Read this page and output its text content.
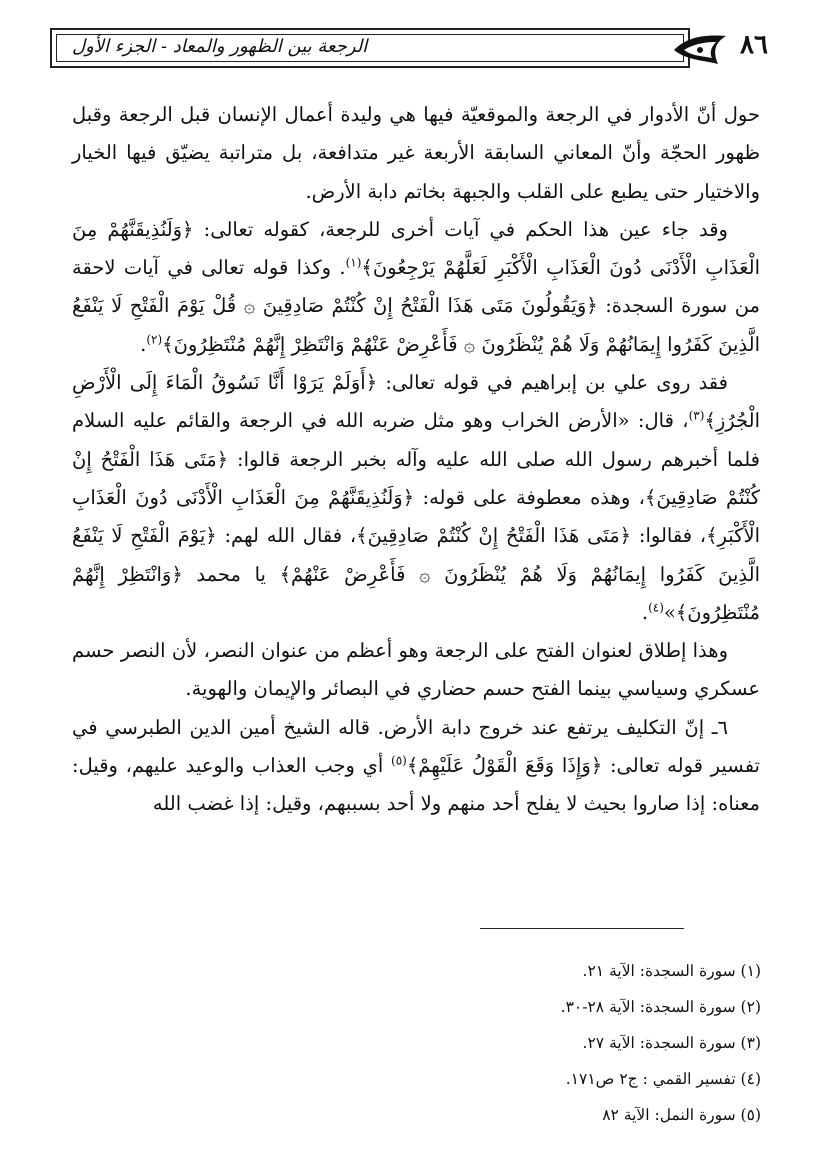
الرجعة بين الظهور والمعاد - الجزء الأول	٨٦

حول أنّ الأدوار في الرجعة والموقعيّة فيها هي وليدة أعمال الإنسان قبل الرجعة وقبل ظهور الحجّة وأنّ المعاني السابقة الأربعة غير متدافعة، بل متراتبة يضيّق فيها الخيار والاختيار حتى يطبع على القلب والجبهة بخاتم دابة الأرض.

وقد جاء عين هذا الحكم في آيات أخرى للرجعة، كقوله تعالى: ﴿وَلَنُذِيقَنَّهُمْ مِنَ الْعَذَابِ الْأَدْنَى دُونَ الْعَذَابِ الْأَكْبَرِ لَعَلَّهُمْ يَرْجِعُونَ﴾$^{(١)}$. وكذا قوله تعالى في آيات لاحقة من سورة السجدة: ﴿وَيَقُولُونَ مَتَى هَذَا الْفَتْحُ إِنْ كُنْتُمْ صَادِقِينَ ۞ قُلْ يَوْمَ الْفَتْحِ لَا يَنْفَعُ الَّذِينَ كَفَرُوا إِيمَانُهُمْ وَلَا هُمْ يُنْظَرُونَ ۞ فَأَعْرِضْ عَنْهُمْ وَانْتَظِرْ إِنَّهُمْ مُنْتَظِرُونَ﴾$^{(٢)}$.

فقد روى علي بن إبراهيم في قوله تعالى: ﴿أَوَلَمْ يَرَوْا أَنَّا نَسُوقُ الْمَاءَ إِلَى الْأَرْضِ الْجُرُزِ﴾$^{(٣)}$، قال: «الأرض الخراب وهو مثل ضربه الله في الرجعة والقائم عليه السلام فلما أخبرهم رسول الله صلى الله عليه وآله بخبر الرجعة قالوا: ﴿مَتَى هَذَا الْفَتْحُ إِنْ كُنْتُمْ صَادِقِينَ﴾، وهذه معطوفة على قوله: ﴿وَلَنُذِيقَنَّهُمْ مِنَ الْعَذَابِ الْأَدْنَى دُونَ الْعَذَابِ الْأَكْبَرِ﴾، فقالوا: ﴿مَتَى هَذَا الْفَتْحُ إِنْ كُنْتُمْ صَادِقِينَ﴾، فقال الله لهم: ﴿يَوْمَ الْفَتْحِ لَا يَنْفَعُ الَّذِينَ كَفَرُوا إِيمَانُهُمْ وَلَا هُمْ يُنْظَرُونَ ۞ فَأَعْرِضْ عَنْهُمْ﴾ يا محمد ﴿وَانْتَظِرْ إِنَّهُمْ مُنْتَظِرُونَ﴾»$^{(٤)}$.

وهذا إطلاق لعنوان الفتح على الرجعة وهو أعظم من عنوان النصر، لأن النصر حسم عسكري وسياسي بينما الفتح حسم حضاري في البصائر والإيمان والهوية.

٦ـ إنّ التكليف يرتفع عند خروج دابة الأرض. قاله الشيخ أمين الدين الطبرسي في تفسير قوله تعالى: ﴿وَإِذَا وَقَعَ الْقَوْلُ عَلَيْهِمْ﴾$^{(٥)}$ أي وجب العذاب والوعيد عليهم، وقيل: معناه: إذا صاروا بحيث لا يفلح أحد منهم ولا أحد بسببهم، وقيل: إذا غضب الله

(١) سورة السجدة: الآية ٢١.
(٢) سورة السجدة: الآية ٢٨-٣٠.
(٣) سورة السجدة: الآية ٢٧.
(٤) تفسير القمي : ج٢ ص١٧١.
(٥) سورة النمل: الآية ٨٢
